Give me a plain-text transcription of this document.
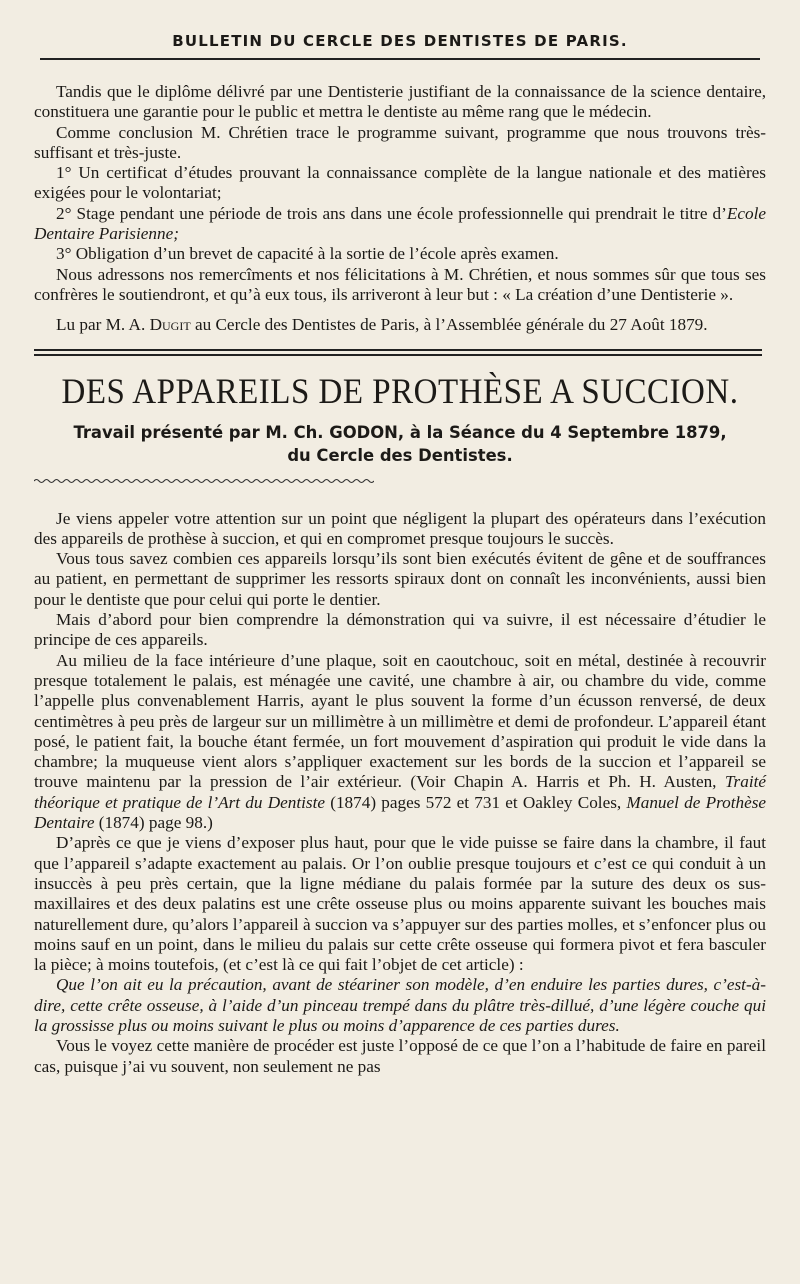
BULLETIN DU CERCLE DES DENTISTES DE PARIS.

Tandis que le diplôme délivré par une Dentisterie justifiant de la connaissance de la science dentaire, constituera une garantie pour le public et mettra le dentiste au même rang que le médecin.

Comme conclusion M. Chrétien trace le programme suivant, programme que nous trouvons très-suffisant et très-juste.

1° Un certificat d’études prouvant la connaissance complète de la langue nationale et des matières exigées pour le volontariat;

2° Stage pendant une période de trois ans dans une école professionnelle qui prendrait le titre d’Ecole Dentaire Parisienne;

3° Obligation d’un brevet de capacité à la sortie de l’école après examen.

Nous adressons nos remercîments et nos félicitations à M. Chrétien, et nous sommes sûr que tous ses confrères le soutiendront, et qu’à eux tous, ils arriveront à leur but : « La création d’une Dentisterie ».

Lu par M. A. Dugit au Cercle des Dentistes de Paris, à l’Assemblée générale du 27 Août 1879.

DES APPAREILS DE PROTHÈSE A SUCCION.

Travail présenté par M. Ch. GODON, à la Séance du 4 Septembre 1879,

du Cercle des Dentistes.

Je viens appeler votre attention sur un point que négligent la plupart des opérateurs dans l’exécution des appareils de prothèse à succion, et qui en compromet presque toujours le succès.

Vous tous savez combien ces appareils lorsqu’ils sont bien exécutés évitent de gêne et de souffrances au patient, en permettant de supprimer les ressorts spiraux dont on connaît les inconvénients, aussi bien pour le dentiste que pour celui qui porte le dentier.

Mais d’abord pour bien comprendre la démonstration qui va suivre, il est nécessaire d’étudier le principe de ces appareils.

Au milieu de la face intérieure d’une plaque, soit en caoutchouc, soit en métal, destinée à recouvrir presque totalement le palais, est ménagée une cavité, une chambre à air, ou chambre du vide, comme l’appelle plus convenablement Harris, ayant le plus souvent la forme d’un écusson renversé, de deux centimètres à peu près de largeur sur un millimètre à un millimètre et demi de profondeur. L’appareil étant posé, le patient fait, la bouche étant fermée, un fort mouvement d’aspiration qui produit le vide dans la chambre; la muqueuse vient alors s’appliquer exactement sur les bords de la succion et l’appareil se trouve maintenu par la pression de l’air extérieur. (Voir Chapin A. Harris et Ph. H. Austen, Traité théorique et pratique de l’Art du Dentiste (1874) pages 572 et 731 et Oakley Coles, Manuel de Prothèse Dentaire (1874) page 98.)

D’après ce que je viens d’exposer plus haut, pour que le vide puisse se faire dans la chambre, il faut que l’appareil s’adapte exactement au palais. Or l’on oublie presque toujours et c’est ce qui conduit à un insuccès à peu près certain, que la ligne médiane du palais formée par la suture des deux os sus-maxillaires et des deux palatins est une crête osseuse plus ou moins apparente suivant les bouches mais naturellement dure, qu’alors l’appareil à succion va s’appuyer sur des parties molles, et s’enfoncer plus ou moins sauf en un point, dans le milieu du palais sur cette crête osseuse qui formera pivot et fera basculer la pièce; à moins toutefois, (et c’est là ce qui fait l’objet de cet article) :

Que l’on ait eu la précaution, avant de stéariner son modèle, d’en enduire les parties dures, c’est-à-dire, cette crête osseuse, à l’aide d’un pinceau trempé dans du plâtre très-dillué, d’une légère couche qui la grossisse plus ou moins suivant le plus ou moins d’apparence de ces parties dures.

Vous le voyez cette manière de procéder est juste l’opposé de ce que l’on a l’habitude de faire en pareil cas, puisque j’ai vu souvent, non seulement ne pas
